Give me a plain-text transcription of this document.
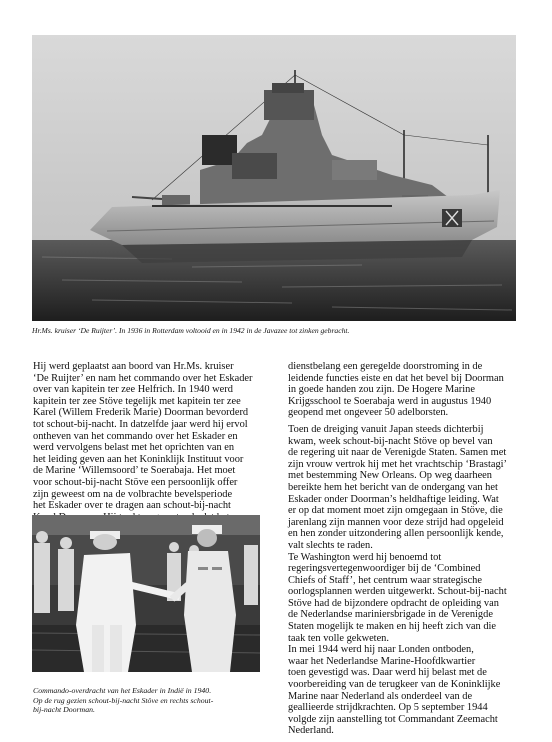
Hr.Ms. kruiser ‘De Ruijter’. In 1936 in Rotterdam voltooid en in 1942 in de Javazee tot zinken gebracht.

Hij werd geplaatst aan boord van Hr.Ms. kruiser
‘De Ruijter’ en nam het commando over het Eskader
over van kapitein ter zee Helfrich. In 1940 werd
kapitein ter zee Stöve tegelijk met kapitein ter zee
Karel (Willem Frederik Marie) Doorman bevorderd
tot schout-bij-nacht. In datzelfde jaar werd hij ervol
ontheven van het commando over het Eskader en
werd vervolgens belast met het oprichten van en
het leiding geven aan het Koninklijk Instituut voor
de Marine ‘Willemsoord’ te Soerabaja. Het moet
voor schout-bij-nacht Stöve een persoonlijk offer
zijn geweest om na de volbrachte bevelsperiode
het Eskader over te dragen aan schout-bij-nacht

Commando-overdracht van het Eskader in Indië in 1940.
Op de rug gezien schout-bij-nacht Stöve en rechts schout-
bij-nacht Doorman.

dienstbelang een geregelde doorstroming in de
leidende functies eiste en dat het bevel bij Doorman
in goede handen zou zijn. De Hogere Marine
Krijgsschool te Soerabaja werd in augustus 1940
geopend met ongeveer 50 adelborsten.

Toen de dreiging vanuit Japan steeds dichterbij
kwam, week schout-bij-nacht Stöve op bevel van
de regering uit naar de Verenigde Staten. Samen met
zijn vrouw vertrok hij met het vrachtschip ‘Brastagi’
met bestemming New Orleans. Op weg daarheen
bereikte hem het bericht van de ondergang van het
Eskader onder Doorman’s heldhaftige leiding. Wat
er op dat moment moet zijn omgegaan in Stöve, die
jarenlang zijn mannen voor deze strijd had opgeleid
en hen zonder uitzondering allen persoonlijk kende,
valt slechts te raden.
Te Washington werd hij benoemd tot
regeringsvertegenwoordiger bij de ‘Combined
Chiefs of Staff’, het centrum waar strategische
oorlogsplannen werden uitgewerkt. Schout-bij-nacht
Stöve had de bijzondere opdracht de opleiding van
de Nederlandse mariniersbrigade in de Verenigde
Staten mogelijk te maken en hij heeft zich van die
taak ten volle gekweten.
In mei 1944 werd hij naar Londen ontboden,
waar het Nederlandse Marine-Hoofdkwartier
toen gevestigd was. Daar werd hij belast met de
voorbereiding van de terugkeer van de Koninklijke
Marine naar Nederland als onderdeel van de
geallieerde strijdkrachten. Op 5 september 1944
volgde zijn aanstelling tot Commandant Zeemacht
Nederland.
